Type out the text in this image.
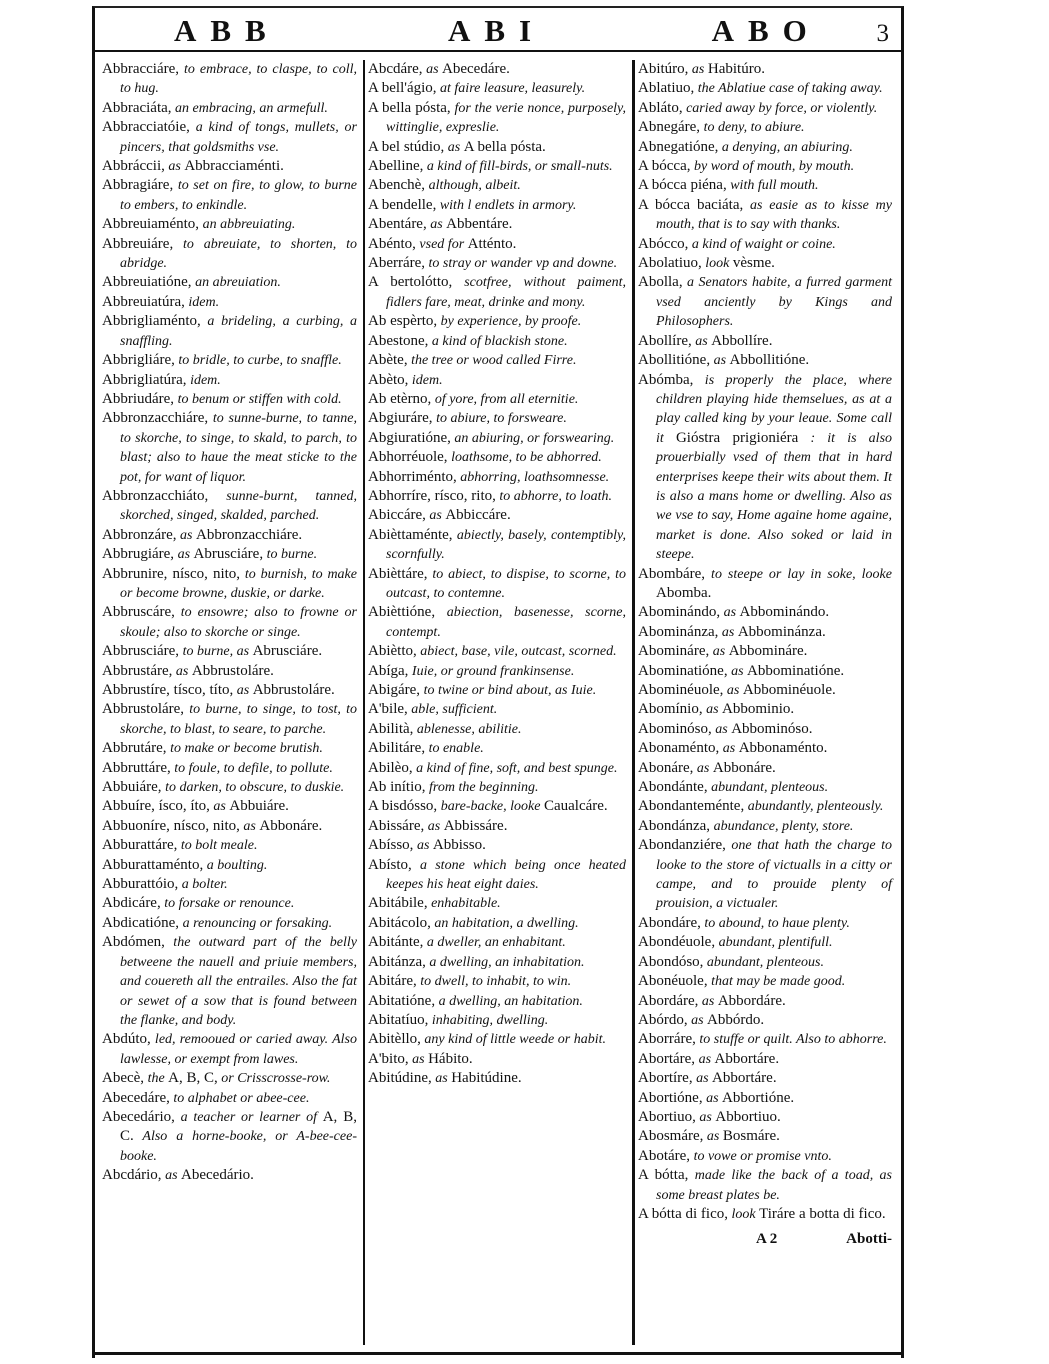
ABB	ABI	ABO	3

Abbracciáre, to embrace, to claspe, to coll, to hug.

Abbraciáta, an embracing, an armefull.

Abbracciatóie, a kind of tongs, mullets, or pincers, that goldsmiths vse.

Abbráccii, as Abbracciaménti.

Abbragiáre, to set on fire, to glow, to burne to embers, to enkindle.

Abbreuiaménto, an abbreuiating.

Abbreuiáre, to abreuiate, to shorten, to abridge.

Abbreuiatióne, an abreuiation.

Abbreuiatúra, idem.

Abbrigliaménto, a brideling, a curbing, a snaffling.

Abbrigliáre, to bridle, to curbe, to snaffle.

Abbrigliatúra, idem.

Abbriudáre, to benum or stiffen with cold.

Abbronzacchiáre, to sunne-burne, to tanne, to skorche, to singe, to skald, to parch, to blast; also to haue the meat sticke to the pot, for want of liquor.

Abbronzacchiáto, sunne-burnt, tanned, skorched, singed, skalded, parched.

Abbronzáre, as Abbronzacchiáre.

Abbrugiáre, as Abrusciáre, to burne.

Abbrunire, nísco, nito, to burnish, to make or become browne, duskie, or darke.

Abbruscáre, to ensowre; also to frowne or skoule; also to skorche or singe.

Abbrusciáre, to burne, as Abrusciáre.

Abbrustáre, as Abbrustoláre.

Abbrustíre, tísco, títo, as Abbrustoláre.

Abbrustoláre, to burne, to singe, to tost, to skorche, to blast, to seare, to parche.

Abbrutáre, to make or become brutish.

Abbruttáre, to foule, to defile, to pollute.

Abbuiáre, to darken, to obscure, to duskie.

Abbuíre, ísco, íto, as Abbuiáre.

Abbuoníre, nísco, nito, as Abbonáre.

Abburattáre, to bolt meale.

Abburattaménto, a boulting.

Abburattóio, a bolter.

Abdicáre, to forsake or renounce.

Abdicatióne, a renouncing or forsaking.

Abdómen, the outward part of the belly betweene the nauell and priuie members, and couereth all the entrailes. Also the fat or sewet of a sow that is found between the flanke, and body.

Abdúto, led, remooued or caried away. Also lawlesse, or exempt from lawes.

Abecè, the A, B, C, or Crisscrosse-row.

Abecedáre, to alphabet or abee-cee.

Abecedário, a teacher or learner of A, B, C. Also a horne-booke, or A-bee-cee-booke.

Abcdário, as Abecedário.

Abcdáre, as Abecedáre.

A bell'ágio, at faire leasure, leasurely.

A bella pósta, for the verie nonce, purposely, wittinglie, expreslie.

A bel stúdio, as A bella pósta.

Abelline, a kind of fill-birds, or small-nuts.

Abenchè, although, albeit.

A bendelle, with l endlets in armory.

Abentáre, as Abbentáre.

Abénto, vsed for Atténto.

Aberráre, to stray or wander vp and downe.

A bertolótto, scotfree, without paiment, fidlers fare, meat, drinke and mony.

Ab espèrto, by experience, by proofe.

Abestone, a kind of blackish stone.

Abète, the tree or wood called Firre.

Abèto, idem.

Ab etèrno, of yore, from all eternitie.

Abgiuráre, to abiure, to forsweare.

Abgiuratióne, an abiuring, or forswearing.

Abhorréuole, loathsome, to be abhorred.

Abhorriménto, abhorring, loathsomnesse.

Abhorríre, rísco, rito, to abhorre, to loath.

Abiccáre, as Abbiccáre.

Abièttaménte, abiectly, basely, contemptibly, scornfully.

Abièttáre, to abiect, to dispise, to scorne, to outcast, to contemne.

Abièttióne, abiection, basenesse, scorne, contempt.

Abiètto, abiect, base, vile, outcast, scorned.

Abíga, Iuie, or ground frankinsense.

Abigáre, to twine or bind about, as Iuie.

A'bile, able, sufficient.

Abilità, ablenesse, abilitie.

Abilitáre, to enable.

Abilèo, a kind of fine, soft, and best spunge.

Ab inítio, from the beginning.

A bisdósso, bare-backe, looke Caualcáre.

Abissáre, as Abbissáre.

Abísso, as Abbisso.

Abísto, a stone which being once heated keepes his heat eight daies.

Abitábile, enhabitable.

Abitácolo, an habitation, a dwelling.

Abitánte, a dweller, an enhabitant.

Abitánza, a dwelling, an inhabitation.

Abitáre, to dwell, to inhabit, to win.

Abitatióne, a dwelling, an habitation.

Abitatíuo, inhabiting, dwelling.

Abitèllo, any kind of little weede or habit.

A'bito, as Hábito.

Abitúdine, as Habitúdine.

Abitúro, as Habitúro.

Ablatiuo, the Ablatiue case of taking away.

Abláto, caried away by force, or violently.

Abnegáre, to deny, to abiure.

Abnegatióne, a denying, an abiuring.

A bócca, by word of mouth, by mouth.

A bócca piéna, with full mouth.

A bócca baciáta, as easie as to kisse my mouth, that is to say with thanks.

Abócco, a kind of waight or coine.

Abolatiuo, look vèsme.

Abolla, a Senators habite, a furred garment vsed anciently by Kings and Philosophers.

Abollíre, as Abbollíre.

Abollitióne, as Abbollitióne.

Abómba, is properly the place, where children playing hide themselues, as at a play called king by your leaue. Some call it Gióstra prigioniéra : it is also prouerbially vsed of them that in hard enterprises keepe their wits about them. It is also a mans home or dwelling. Also as we vse to say, Home againe home againe, market is done. Also soked or laid in steepe.

Abombáre, to steepe or lay in soke, looke Abomba.

Abominándo, as Abbominándo.

Abominánza, as Abbominánza.

Abomináre, as Abbomináre.

Abominatióne, as Abbominatióne.

Abominéuole, as Abbominéuole.

Abomínio, as Abbominio.

Abominóso, as Abbominóso.

Abonaménto, as Abbonaménto.

Abonáre, as Abbonáre.

Abondánte, abundant, plenteous.

Abondanteménte, abundantly, plenteously.

Abondánza, abundance, plenty, store.

Abondanziére, one that hath the charge to looke to the store of victualls in a citty or campe, and to prouide plenty of prouision, a victualer.

Abondáre, to abound, to haue plenty.

Abondéuole, abundant, plentifull.

Abondóso, abundant, plenteous.

Abonéuole, that may be made good.

Abordáre, as Abbordáre.

Abórdo, as Abbórdo.

Aborráre, to stuffe or quilt. Also to abhorre.

Abortáre, as Abbortáre.

Abortíre, as Abbortáre.

Abortióne, as Abbortióne.

Abortiuo, as Abbortiuo.

Abosmáre, as Bosmáre.

Abotáre, to vowe or promise vnto.

A bótta, made like the back of a toad, as some breast plates be.

A bótta di fico, look Tiráre a botta di fico.

A 2	Abotti-
